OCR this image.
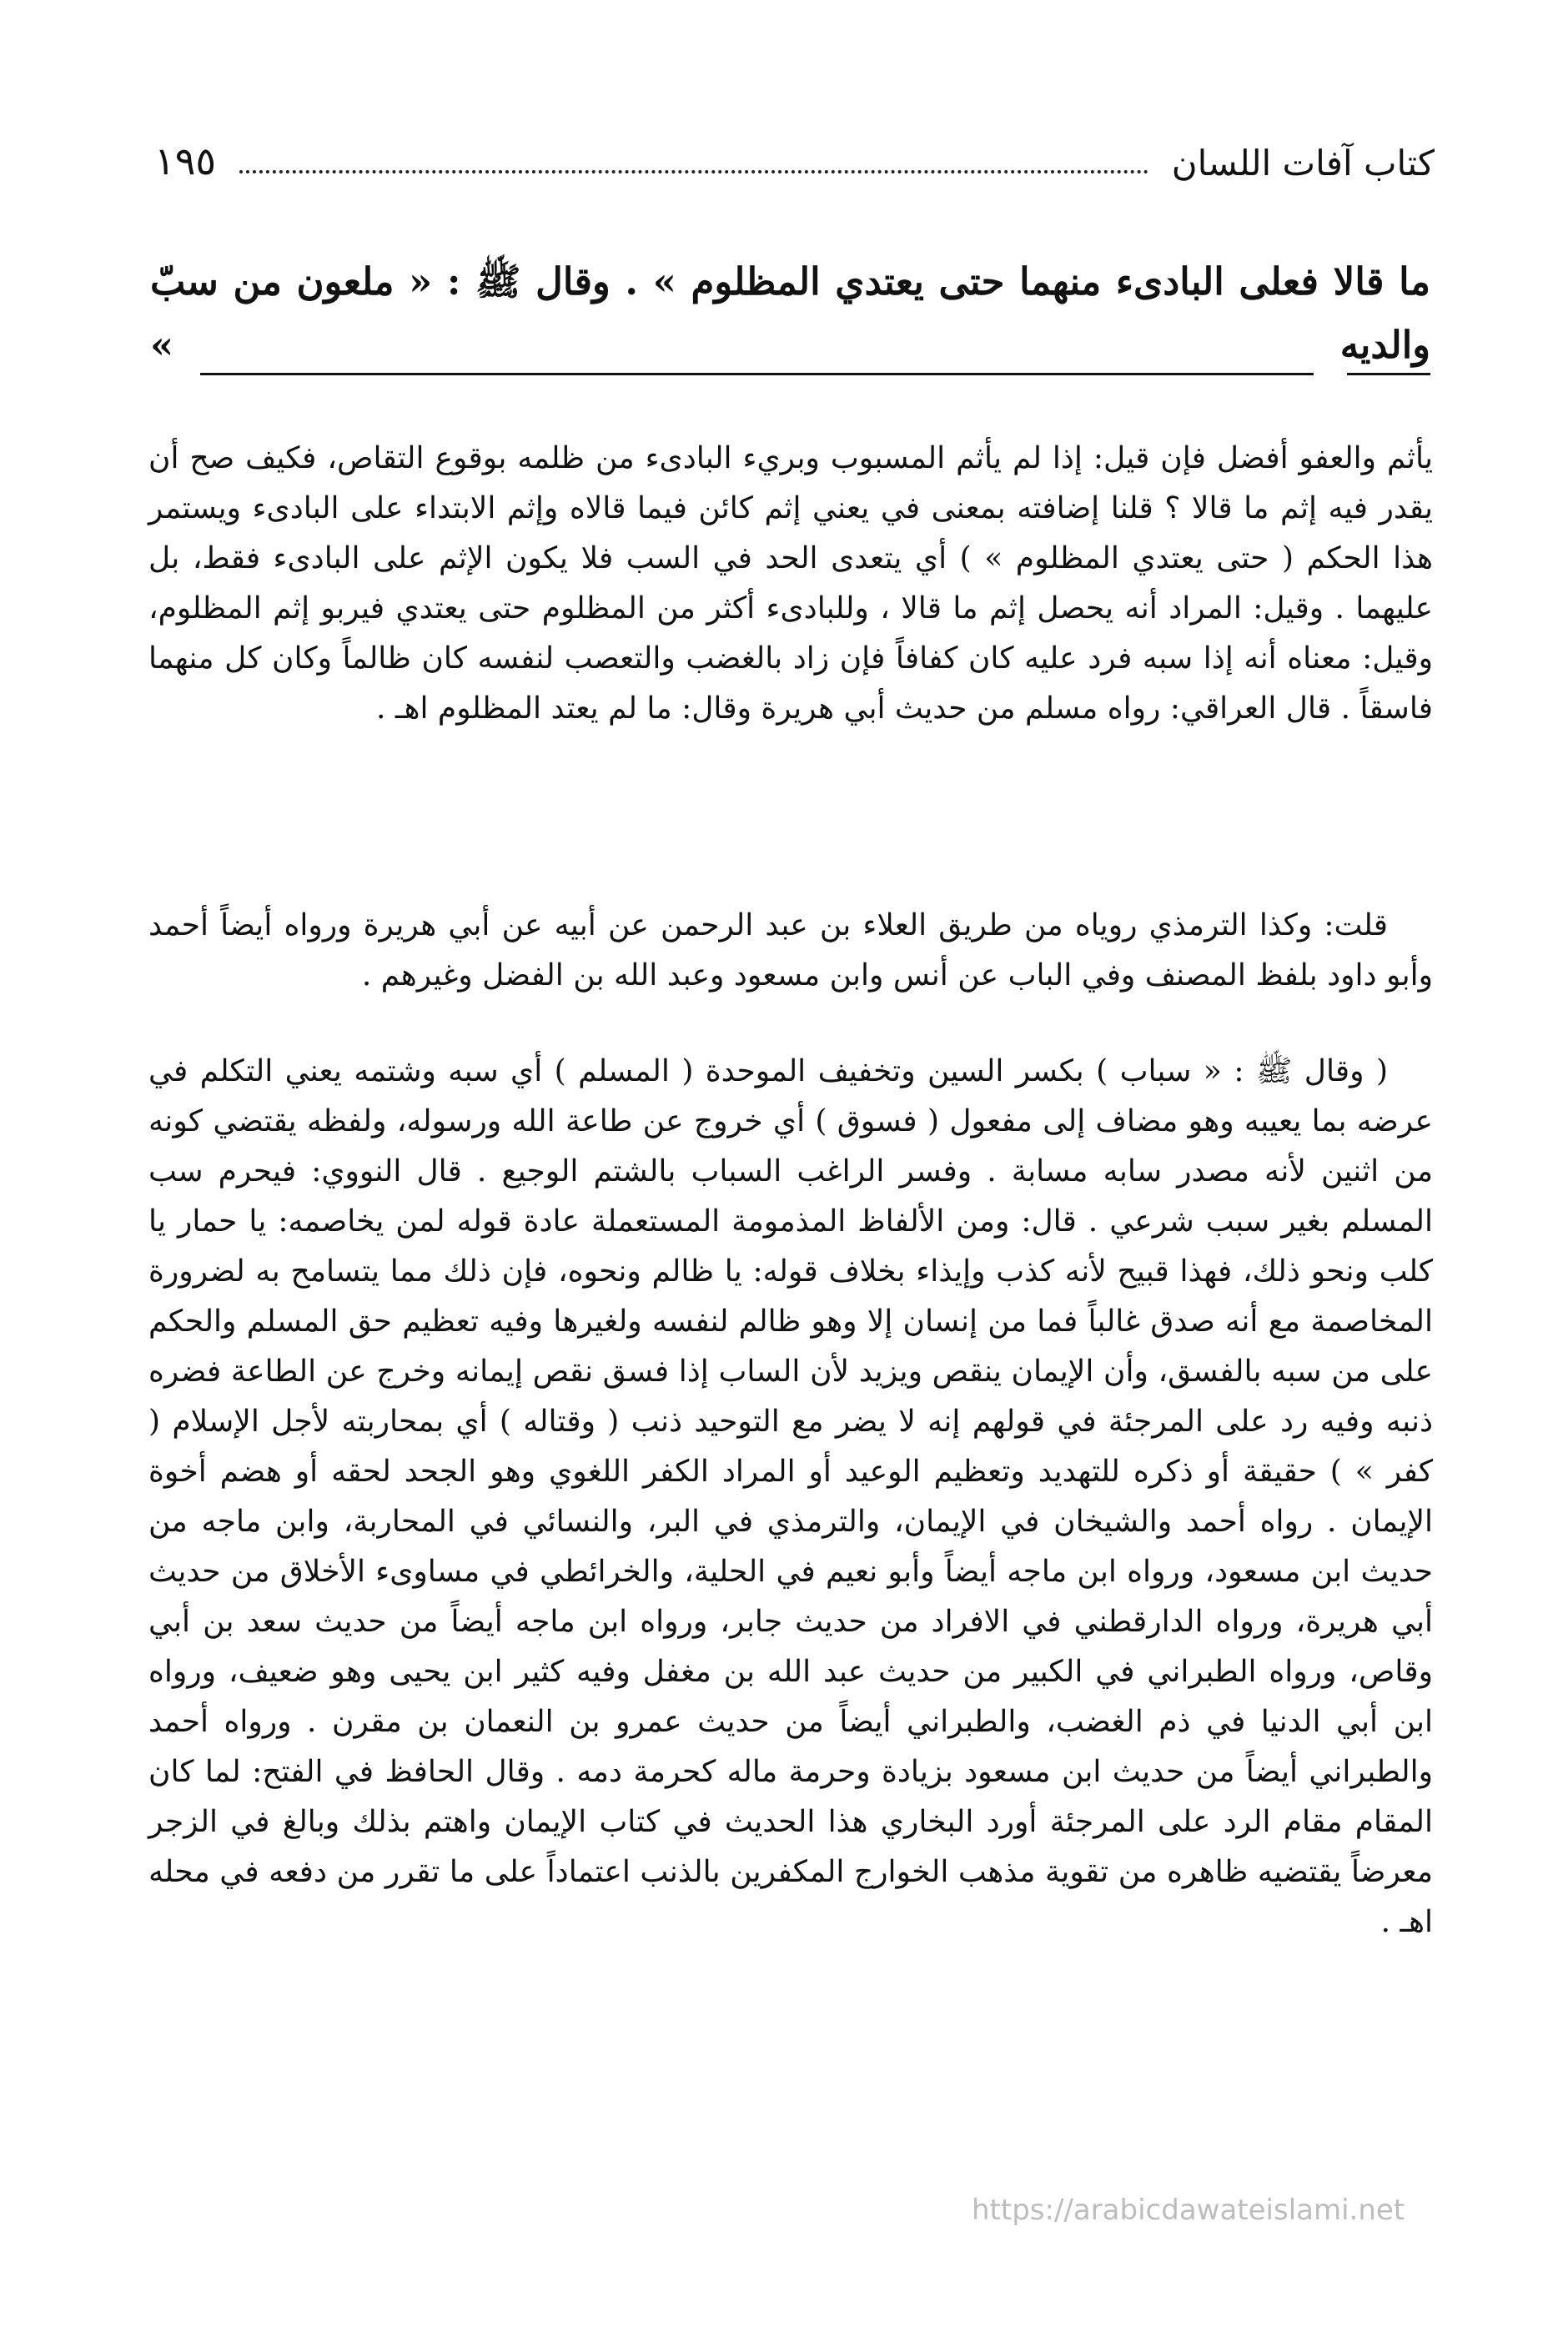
كتاب آفات اللسان
١٩٥
ما قالا فعلى البادىء منهما حتى يعتدي المظلوم » . وقال ﷺ : « ملعون من سبّ والديه »

يأثم والعفو أفضل فإن قيل: إذا لم يأثم المسبوب وبريء البادىء من ظلمه بوقوع التقاص، فكيف صح أن يقدر فيه إثم ما قالا ؟ قلنا إضافته بمعنى في يعني إثم كائن فيما قالاه وإثم الابتداء على البادىء ويستمر هذا الحكم ( حتى يعتدي المظلوم » ) أي يتعدى الحد في السب فلا يكون الإثم على البادىء فقط، بل عليهما . وقيل: المراد أنه يحصل إثم ما قالا ، وللبادىء أكثر من المظلوم حتى يعتدي فيربو إثم المظلوم، وقيل: معناه أنه إذا سبه فرد عليه كان كفافاً فإن زاد بالغضب والتعصب لنفسه كان ظالماً وكان كل منهما فاسقاً . قال العراقي: رواه مسلم من حديث أبي هريرة وقال: ما لم يعتد المظلوم اهـ .

قلت: وكذا الترمذي روياه من طريق العلاء بن عبد الرحمن عن أبيه عن أبي هريرة ورواه أيضاً أحمد وأبو داود بلفظ المصنف وفي الباب عن أنس وابن مسعود وعبد الله بن الفضل وغيرهم .

( وقال ﷺ : « سباب ) بكسر السين وتخفيف الموحدة ( المسلم ) أي سبه وشتمه يعني التكلم في عرضه بما يعيبه وهو مضاف إلى مفعول ( فسوق ) أي خروج عن طاعة الله ورسوله، ولفظه يقتضي كونه من اثنين لأنه مصدر سابه مسابة . وفسر الراغب السباب بالشتم الوجيع . قال النووي: فيحرم سب المسلم بغير سبب شرعي . قال: ومن الألفاظ المذمومة المستعملة عادة قوله لمن يخاصمه: يا حمار يا كلب ونحو ذلك، فهذا قبيح لأنه كذب وإيذاء بخلاف قوله: يا ظالم ونحوه، فإن ذلك مما يتسامح به لضرورة المخاصمة مع أنه صدق غالباً فما من إنسان إلا وهو ظالم لنفسه ولغيرها وفيه تعظيم حق المسلم والحكم على من سبه بالفسق، وأن الإيمان ينقص ويزيد لأن الساب إذا فسق نقص إيمانه وخرج عن الطاعة فضره ذنبه وفيه رد على المرجئة في قولهم إنه لا يضر مع التوحيد ذنب ( وقتاله ) أي بمحاربته لأجل الإسلام ( كفر » ) حقيقة أو ذكره للتهديد وتعظيم الوعيد أو المراد الكفر اللغوي وهو الجحد لحقه أو هضم أخوة الإيمان . رواه أحمد والشيخان في الإيمان، والترمذي في البر، والنسائي في المحاربة، وابن ماجه من حديث ابن مسعود، ورواه ابن ماجه أيضاً وأبو نعيم في الحلية، والخرائطي في مساوىء الأخلاق من حديث أبي هريرة، ورواه الدارقطني في الافراد من حديث جابر، ورواه ابن ماجه أيضاً من حديث سعد بن أبي وقاص، ورواه الطبراني في الكبير من حديث عبد الله بن مغفل وفيه كثير ابن يحيى وهو ضعيف، ورواه ابن أبي الدنيا في ذم الغضب، والطبراني أيضاً من حديث عمرو بن النعمان بن مقرن . ورواه أحمد والطبراني أيضاً من حديث ابن مسعود بزيادة وحرمة ماله كحرمة دمه . وقال الحافظ في الفتح: لما كان المقام مقام الرد على المرجئة أورد البخاري هذا الحديث في كتاب الإيمان واهتم بذلك وبالغ في الزجر معرضاً يقتضيه ظاهره من تقوية مذهب الخوارج المكفرين بالذنب اعتماداً على ما تقرر من دفعه في محله اهـ .

https://arabicdawateislami.net
